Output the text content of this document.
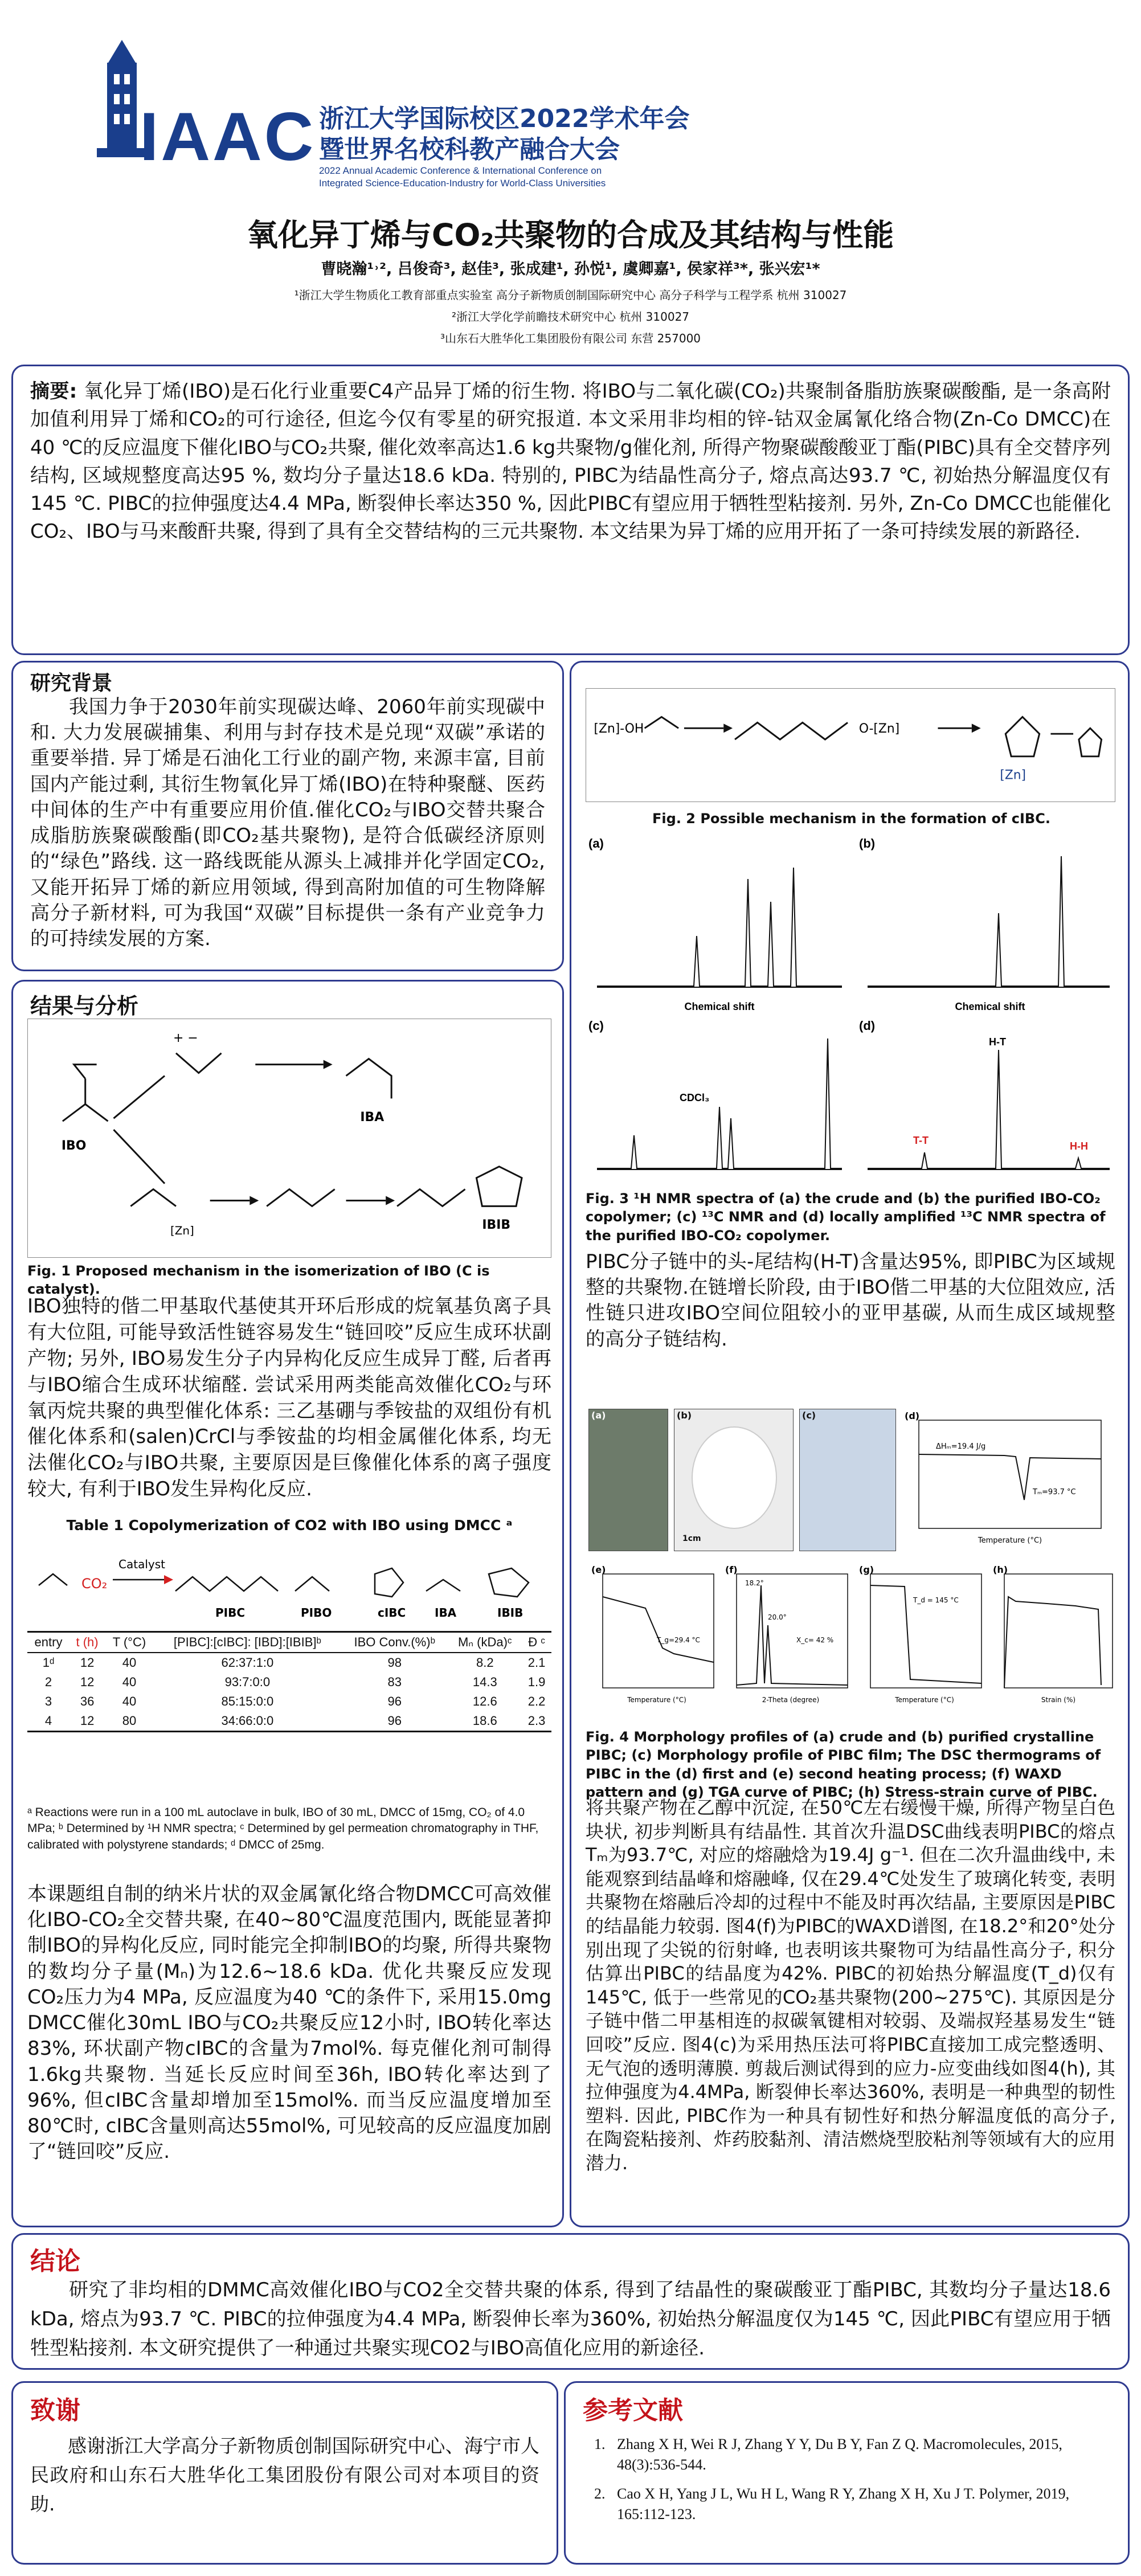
IAAC 浙江大学国际校区2022学术年会
暨世界名校科教产融合大会
2022 Annual Academic Conference & International Conference on
Integrated Science-Education-Industry for World-Class Universities
氧化异丁烯与CO₂共聚物的合成及其结构与性能
曹晓瀚¹˒², 吕俊奇³, 赵佳³, 张成建¹, 孙悦¹, 虞卿嘉¹, 侯家祥³*, 张兴宏¹*
¹浙江大学生物质化工教育部重点实验室 高分子新物质创制国际研究中心 高分子科学与工程学系 杭州 310027
²浙江大学化学前瞻技术研究中心 杭州 310027
³山东石大胜华化工集团股份有限公司 东营 257000
摘要: 氧化异丁烯(IBO)是石化行业重要C4产品异丁烯的衍生物. 将IBO与二氧化碳(CO₂)共聚制备脂肪族聚碳酸酯, 是一条高附加值利用异丁烯和CO₂的可行途径, 但迄今仅有零星的研究报道. 本文采用非均相的锌-钴双金属氰化络合物(Zn-Co DMCC)在40 ℃的反应温度下催化IBO与CO₂共聚, 催化效率高达1.6 kg共聚物/g催化剂, 所得产物聚碳酸酸亚丁酯(PIBC)具有全交替序列结构, 区域规整度高达95 %, 数均分子量达18.6 kDa. 特别的, PIBC为结晶性高分子, 熔点高达93.7 ℃, 初始热分解温度仅有145 ℃. PIBC的拉伸强度达4.4 MPa, 断裂伸长率达350 %, 因此PIBC有望应用于牺牲型粘接剂. 另外, Zn-Co DMCC也能催化CO₂、IBO与马来酸酐共聚, 得到了具有全交替结构的三元共聚物. 本文结果为异丁烯的应用开拓了一条可持续发展的新路径.
研究背景
我国力争于2030年前实现碳达峰、2060年前实现碳中和. 大力发展碳捕集、利用与封存技术是兑现“双碳”承诺的重要举措. 异丁烯是石油化工行业的副产物, 来源丰富, 目前国内产能过剩, 其衍生物氧化异丁烯(IBO)在特种聚醚、医药中间体的生产中有重要应用价值.催化CO₂与IBO交替共聚合成脂肪族聚碳酸酯(即CO₂基共聚物), 是符合低碳经济原则的“绿色”路线. 这一路线既能从源头上减排并化学固定CO₂, 又能开拓异丁烯的新应用领域, 得到高附加值的可生物降解高分子新材料, 可为我国“双碳”目标提供一条有产业竞争力的可持续发展的方案.
结果与分析
IBO
IBA
IBIB
+ −
[Zn]
Fig. 1 Proposed mechanism in the isomerization of IBO (C is catalyst).
IBO独特的偕二甲基取代基使其开环后形成的烷氧基负离子具有大位阻, 可能导致活性链容易发生“链回咬”反应生成环状副产物; 另外, IBO易发生分子内异构化反应生成异丁醛, 后者再与IBO缩合生成环状缩醛. 尝试采用两类能高效催化CO₂与环氧丙烷共聚的典型催化体系: 三乙基硼与季铵盐的双组份有机催化体系和(salen)CrCl与季铵盐的均相金属催化体系, 均无法催化CO₂与IBO共聚, 主要原因是巨像催化体系的离子强度较大, 有利于IBO发生异构化反应.
Table 1 Copolymerization of CO2 with IBO using DMCC ᵃ
CO₂
Catalyst
PIBC	PIBO	cIBC	IBA	IBIB
entry	t (h)	T (°C)	[PIBC]:[cIBC]: [IBD]:[IBIB]ᵇ	IBO Conv.(%)ᵇ	Mₙ (kDa)ᶜ	Đ ᶜ

1ᵈ	12	40	62:37:1:0	98	8.2	2.1
2	12	40	93:7:0:0	83	14.3	1.9
3	36	40	85:15:0:0	96	12.6	2.2
4	12	80	34:66:0:0	96	18.6	2.3
ᵃ Reactions were run in a 100 mL autoclave in bulk, IBO of 30 mL, DMCC of 15mg, CO₂ of 4.0 MPa; ᵇ Determined by ¹H NMR spectra; ᶜ Determined by gel permeation chromatography in THF, calibrated with polystyrene standards; ᵈ DMCC of 25mg.
本课题组自制的纳米片状的双金属氰化络合物DMCC可高效催化IBO-CO₂全交替共聚, 在40~80℃温度范围内, 既能显著抑制IBO的异构化反应, 同时能完全抑制IBO的均聚, 所得共聚物的数均分子量(Mₙ)为12.6~18.6 kDa. 优化共聚反应发现CO₂压力为4 MPa, 反应温度为40 ℃的条件下, 采用15.0mg DMCC催化30mL IBO与CO₂共聚反应12小时, IBO转化率达83%, 环状副产物cIBC的含量为7mol%. 每克催化剂可制得1.6kg共聚物. 当延长反应时间至36h, IBO转化率达到了96%, 但cIBC含量却增加至15mol%. 而当反应温度增加至80℃时, cIBC含量则高达55mol%, 可见较高的反应温度加剧了“链回咬”反应.
[Zn]-OH	O-[Zn]
[Zn]
Fig. 2 Possible mechanism in the formation of cIBC.
(a)
Chemical shift
(b)
Chemical shift
(c)
CDCl₃
(d)
H-T
T-T	H-H
Fig. 3 ¹H NMR spectra of (a) the crude and (b) the purified IBO-CO₂ copolymer; (c) ¹³C NMR and (d) locally amplified ¹³C NMR spectra of the purified IBO-CO₂ copolymer.
PIBC分子链中的头-尾结构(H-T)含量达95%, 即PIBC为区域规整的共聚物.在链增长阶段, 由于IBO偕二甲基的大位阻效应, 活性链只进攻IBO空间位阻较小的亚甲基碳, 从而生成区域规整的高分子链结构.
(a)	(b)
1cm
(c)	(d)
ΔHₘ=19.4 J/g
Tₘ=93.7 °C
Temperature (°C)
(e)
T_g=29.4 °C
Temperature (°C)
(f)
18.2°
20.0°
X_c= 42 %
2-Theta (degree)
(g)
T_d = 145 °C
Temperature (°C)
(h)
Strain (%)
Fig. 4 Morphology profiles of (a) crude and (b) purified crystalline PIBC; (c) Morphology profile of PIBC film; The DSC thermograms of PIBC in the (d) first and (e) second heating process; (f) WAXD pattern and (g) TGA curve of PIBC; (h) Stress-strain curve of PIBC.
将共聚产物在乙醇中沉淀, 在50℃左右缓慢干燥, 所得产物呈白色块状, 初步判断具有结晶性. 其首次升温DSC曲线表明PIBC的熔点Tₘ为93.7℃, 对应的熔融焓为19.4J g⁻¹. 但在二次升温曲线中, 未能观察到结晶峰和熔融峰, 仅在29.4℃处发生了玻璃化转变, 表明共聚物在熔融后冷却的过程中不能及时再次结晶, 主要原因是PIBC的结晶能力较弱. 图4(f)为PIBC的WAXD谱图, 在18.2°和20°处分别出现了尖锐的衍射峰, 也表明该共聚物可为结晶性高分子, 积分估算出PIBC的结晶度为42%. PIBC的初始热分解温度(T_d)仅有145℃, 低于一些常见的CO₂基共聚物(200~275℃). 其原因是分子链中偕二甲基相连的叔碳氧键相对较弱、及端叔羟基易发生“链回咬”反应. 图4(c)为采用热压法可将PIBC直接加工成完整透明、无气泡的透明薄膜. 剪裁后测试得到的应力-应变曲线如图4(h), 其拉伸强度为4.4MPa, 断裂伸长率达360%, 表明是一种典型的韧性塑料. 因此, PIBC作为一种具有韧性好和热分解温度低的高分子, 在陶瓷粘接剂、炸药胶黏剂、清洁燃烧型胶粘剂等领域有大的应用潜力.
结论
研究了非均相的DMMC高效催化IBO与CO2全交替共聚的体系, 得到了结晶性的聚碳酸亚丁酯PIBC, 其数均分子量达18.6 kDa, 熔点为93.7 ℃. PIBC的拉伸强度为4.4 MPa, 断裂伸长率为360%, 初始热分解温度仅为145 ℃, 因此PIBC有望应用于牺牲型粘接剂. 本文研究提供了一种通过共聚实现CO2与IBO高值化应用的新途径.
致谢
感谢浙江大学高分子新物质创制国际研究中心、海宁市人民政府和山东石大胜华化工集团股份有限公司对本项目的资助.
参考文献
1. Zhang X H, Wei R J, Zhang Y Y, Du B Y, Fan Z Q. Macromolecules, 2015, 48(3):536-544.
2. Cao X H, Yang J L, Wu H L, Wang R Y, Zhang X H, Xu J T. Polymer, 2019, 165:112-123.
